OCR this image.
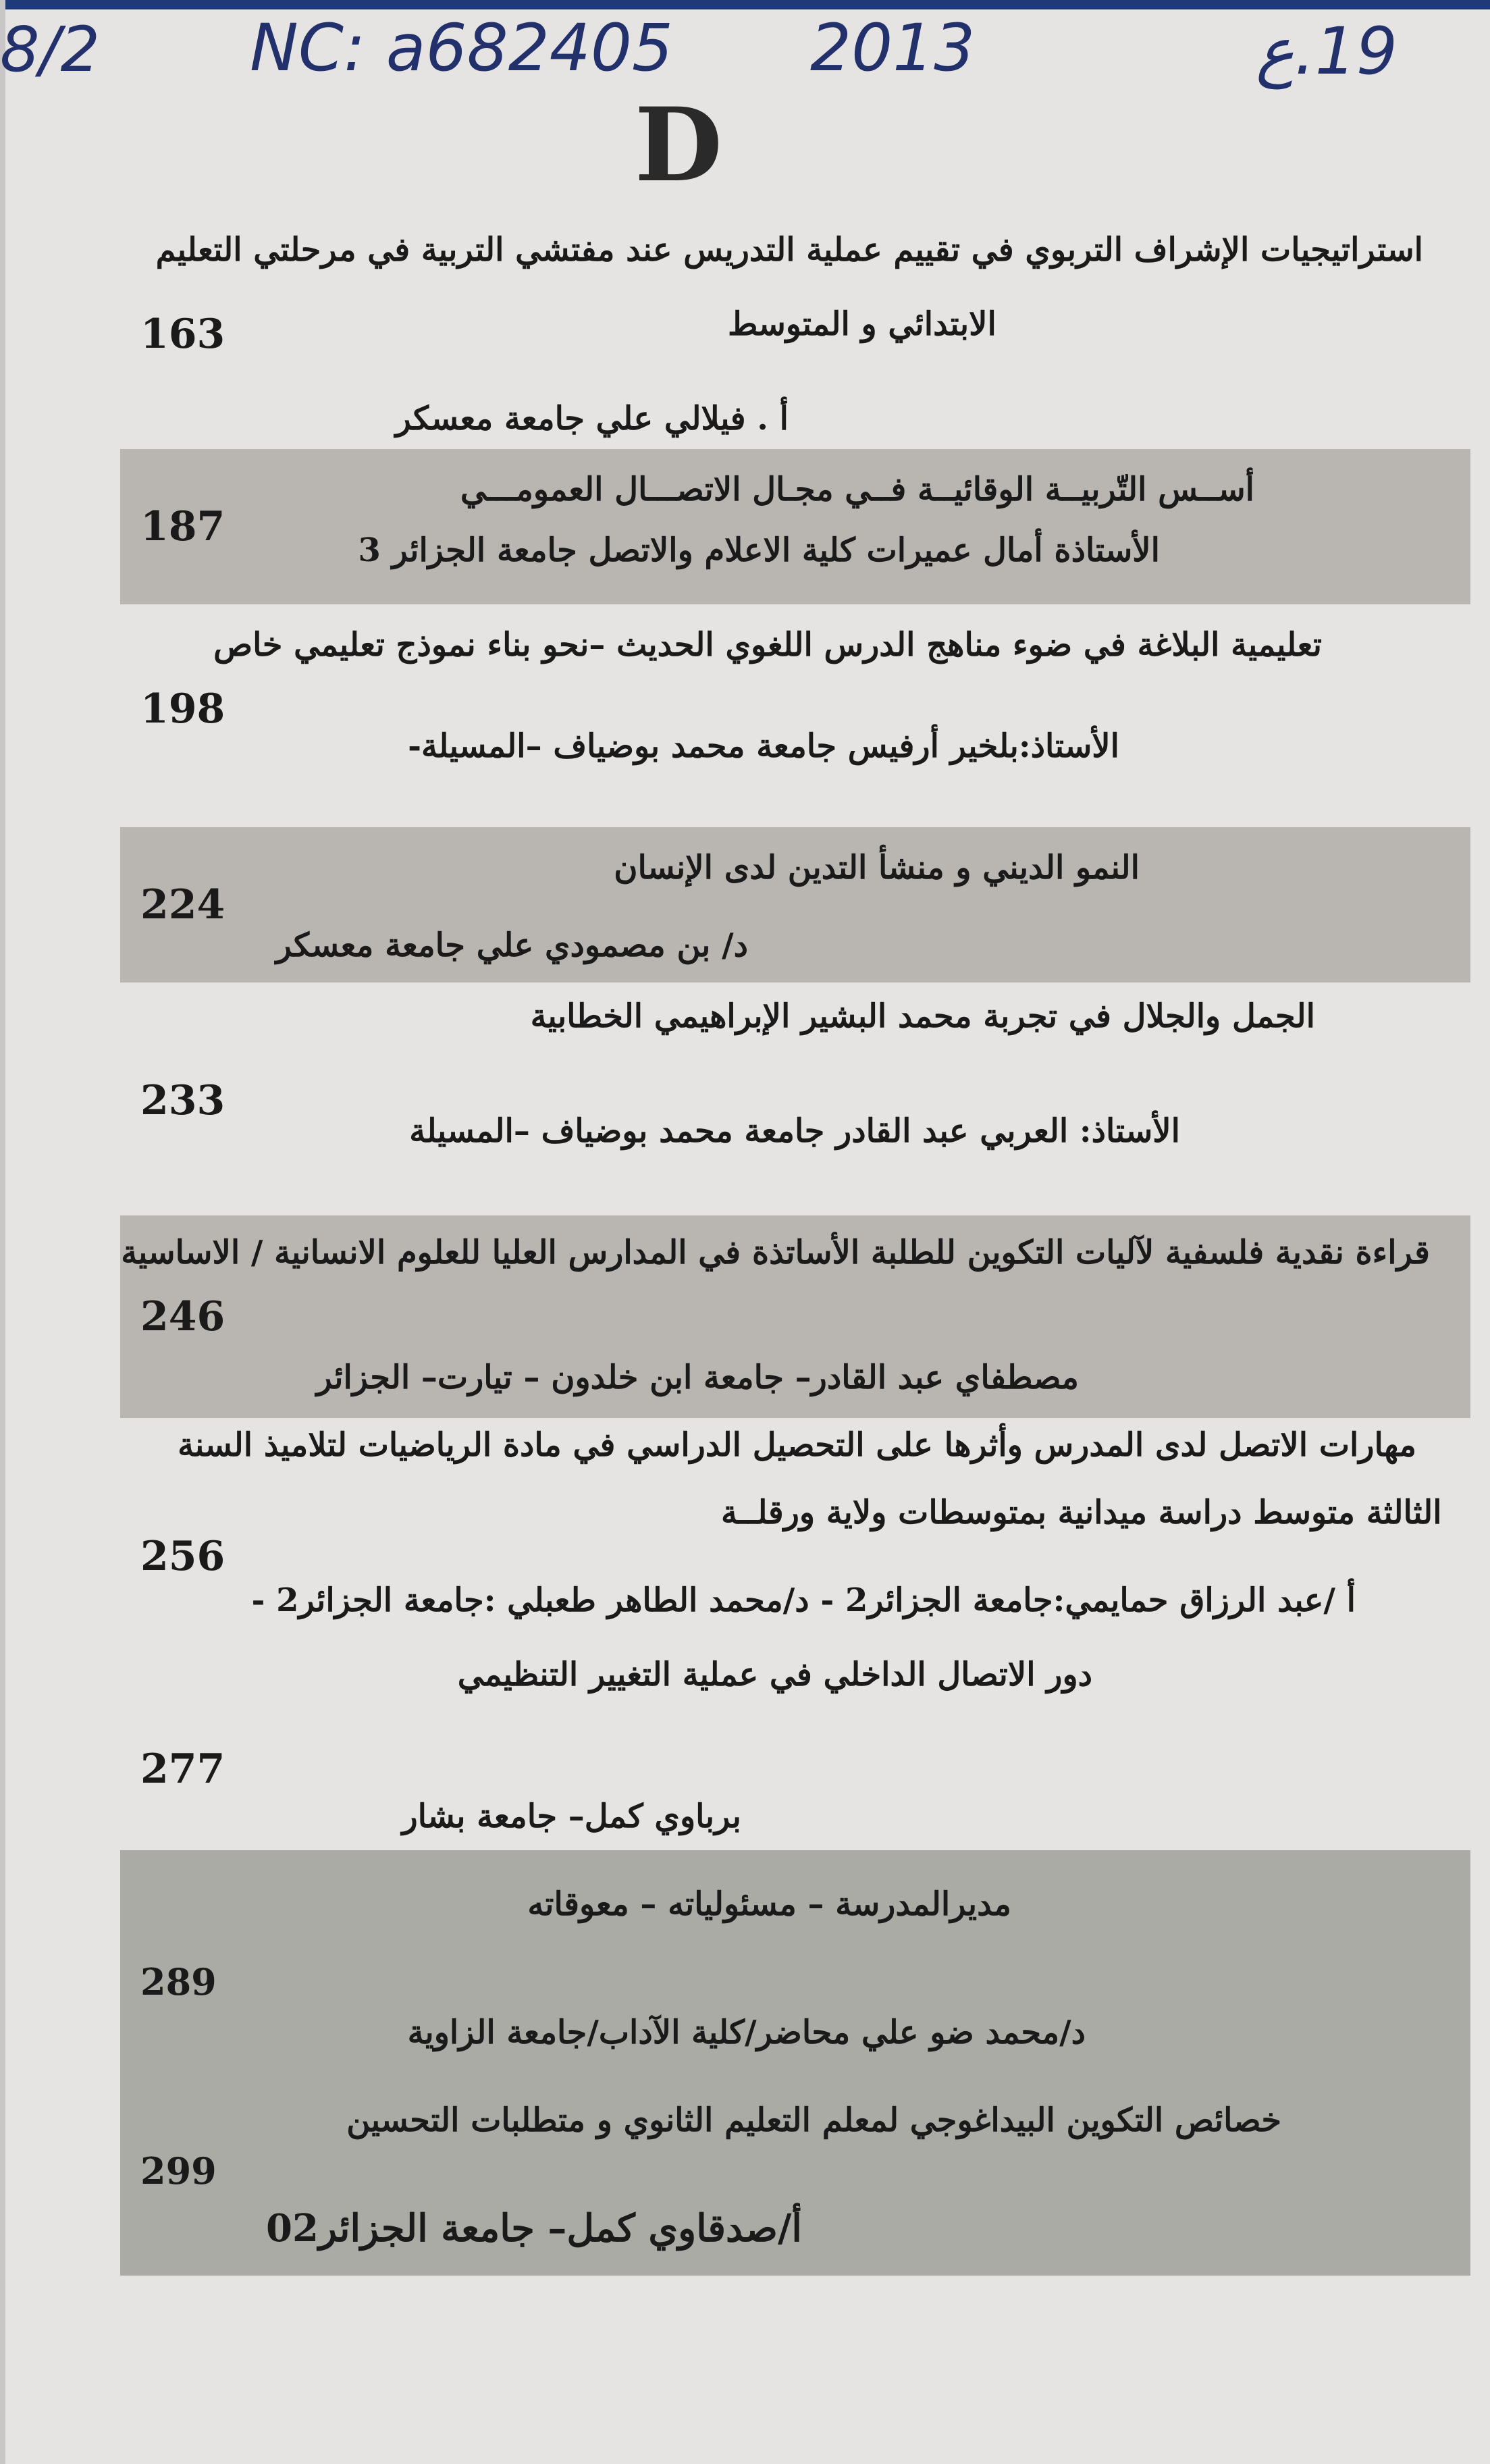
8/2 NC: a682405 2013	19.ع
D
استراتيجيات الإشراف التربوي في تقييم عملية التدريس عند مفتشي التربية في مرحلتي التعليم
الابتدائي و المتوسط
163
أ . فيلالي علي جامعة معسكر
أســس التّربيــة الوقائيــة فــي مجـال الاتصـــال العمومـــي
187	الأستاذة أمال عميرات كلية الاعلام والاتصل جامعة الجزائر 3
تعليمية البلاغة في ضوء مناهج الدرس اللغوي الحديث –نحو بناء نموذج تعليمي خاص
198
الأستاذ:بلخير أرفيس جامعة محمد بوضياف –المسيلة-
النمو الديني و منشأ التدين لدى الإنسان
224
د/ بن مصمودي علي جامعة معسكر
الجمل والجلال في تجربة محمد البشير الإبراهيمي الخطابية
233
الأستاذ: العربي عبد القادر جامعة محمد بوضياف –المسيلة
قراءة نقدية فلسفية لآليات التكوين للطلبة الأساتذة في المدارس العليا للعلوم الانسانية / الاساسية
246
مصطفاي عبد القادر– جامعة ابن خلدون – تيارت– الجزائر
مهارات الاتصل لدى المدرس وأثرها على التحصيل الدراسي في مادة الرياضيات لتلاميذ السنة
الثالثة متوسط دراسة ميدانية بمتوسطات ولاية ورقلــة
256
أ /عبد الرزاق حمايمي:جامعة الجزائر2 - د/محمد الطاهر طعبلي :جامعة الجزائر2 -
دور الاتصال الداخلي في عملية التغيير التنظيمي
277
برباوي كمل– جامعة بشار
مديرالمدرسة – مسئولياته – معوقاته
289
د/محمد ضو علي محاضر/كلية الآداب/جامعة الزاوية
خصائص التكوين البيداغوجي لمعلم التعليم الثانوي و متطلبات التحسين
299
أ/صدقاوي كمل– جامعة الجزائر02
